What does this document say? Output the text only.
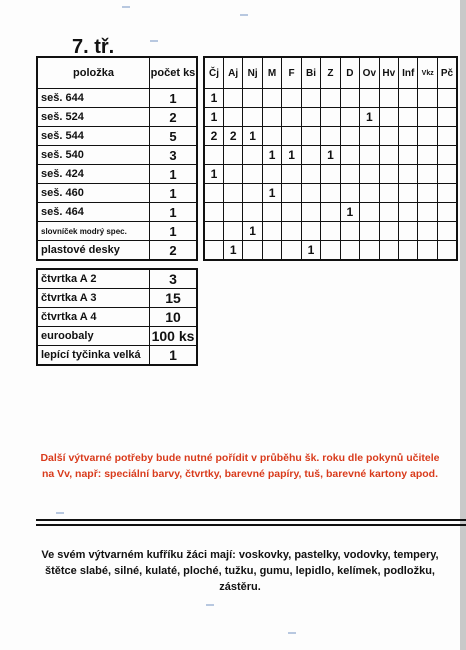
7. tř.
položka	počet ks
seš. 644	1
seš. 524	2
seš. 544	5
seš. 540	3
seš. 424	1
seš. 460	1
seš. 464	1
slovníček modrý spec.	1
plastové desky	2
Čj	Aj	Nj	M	F	Bi	Z	D	Ov	Hv	Inf	Vkz	Pč
1												
1								1				
2	2	1										
			1	1		1						
1												
			1									
							1					
		1										
	1				1							
čtvrtka A 2	3
čtvrtka A 3	15
čtvrtka A 4	10
euroobaly	100 ks
lepící tyčinka velká	1
Další výtvarné potřeby bude nutné pořídit v průběhu šk. roku dle pokynů učitele na Vv, např: speciální barvy, čtvrtky, barevné papíry, tuš, barevné kartony apod.
Ve svém výtvarném kufříku žáci mají: voskovky, pastelky, vodovky, tempery, štětce slabé, silné, kulaté, ploché, tužku, gumu, lepidlo, kelímek, podložku, zástěru.
